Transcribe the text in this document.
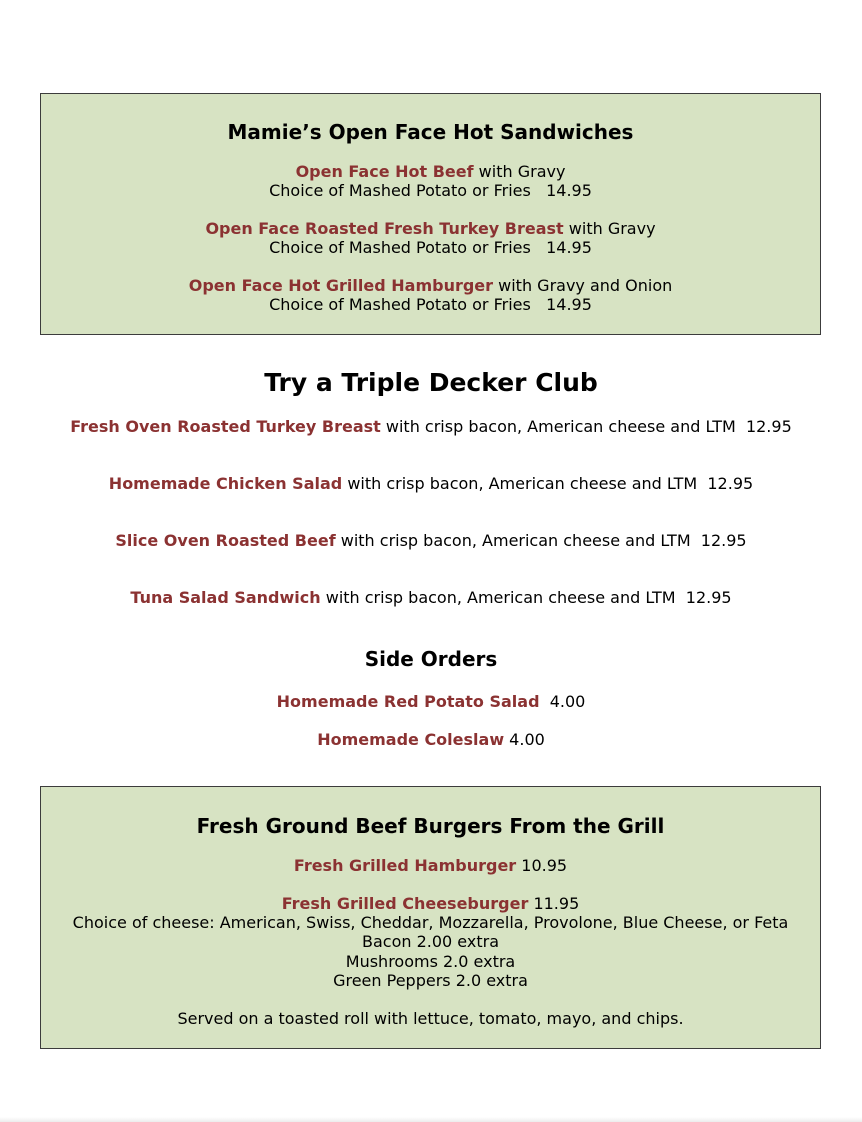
Mamie’s Open Face Hot Sandwiches
Open Face Hot Beef with Gravy
Choice of Mashed Potato or Fries   14.95
Open Face Roasted Fresh Turkey Breast with Gravy
Choice of Mashed Potato or Fries   14.95
Open Face Hot Grilled Hamburger with Gravy and Onion
Choice of Mashed Potato or Fries   14.95
Try a Triple Decker Club
Fresh Oven Roasted Turkey Breast with crisp bacon, American cheese and LTM  12.95
Homemade Chicken Salad with crisp bacon, American cheese and LTM  12.95
Slice Oven Roasted Beef with crisp bacon, American cheese and LTM  12.95
Tuna Salad Sandwich with crisp bacon, American cheese and LTM  12.95
Side Orders
Homemade Red Potato Salad  4.00
Homemade Coleslaw 4.00
Fresh Ground Beef Burgers From the Grill
Fresh Grilled Hamburger 10.95
Fresh Grilled Cheeseburger 11.95
Choice of cheese: American, Swiss, Cheddar, Mozzarella, Provolone, Blue Cheese, or Feta
Bacon 2.00 extra
Mushrooms 2.0 extra
Green Peppers 2.0 extra
Served on a toasted roll with lettuce, tomato, mayo, and chips.
